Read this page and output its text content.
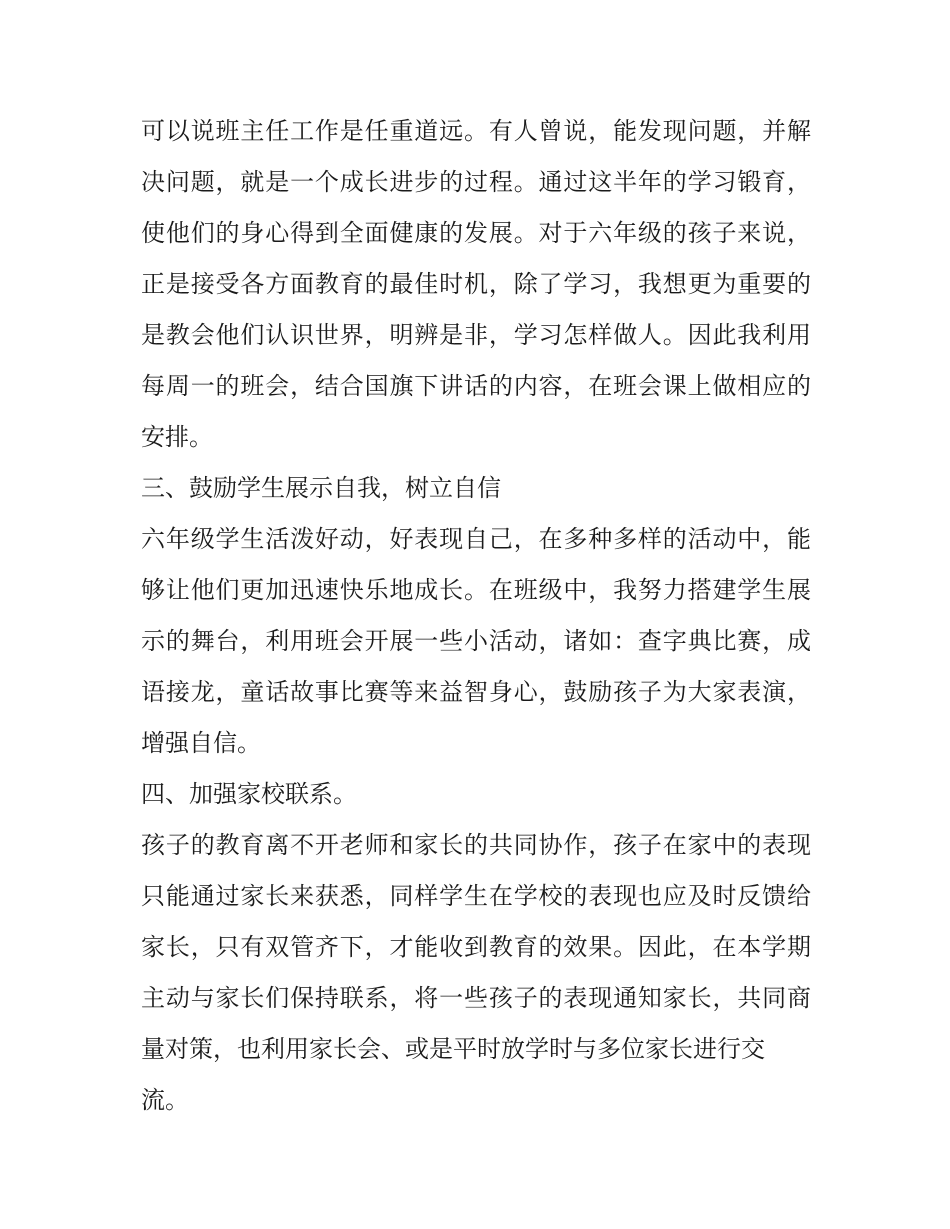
可以说班主任工作是任重道远。有人曾说，能发现问题，并解
决问题，就是一个成长进步的过程。通过这半年的学习锻育，
使他们的身心得到全面健康的发展。对于六年级的孩子来说，
正是接受各方面教育的最佳时机，除了学习，我想更为重要的
是教会他们认识世界，明辨是非，学习怎样做人。因此我利用
每周一的班会，结合国旗下讲话的内容，在班会课上做相应的
安排。
三、鼓励学生展示自我，树立自信
六年级学生活泼好动，好表现自己，在多种多样的活动中，能
够让他们更加迅速快乐地成长。在班级中，我努力搭建学生展
示的舞台，利用班会开展一些小活动，诸如：查字典比赛，成
语接龙，童话故事比赛等来益智身心，鼓励孩子为大家表演，
增强自信。
四、加强家校联系。
孩子的教育离不开老师和家长的共同协作，孩子在家中的表现
只能通过家长来获悉，同样学生在学校的表现也应及时反馈给
家长，只有双管齐下，才能收到教育的效果。因此，在本学期
主动与家长们保持联系，将一些孩子的表现通知家长，共同商
量对策，也利用家长会、或是平时放学时与多位家长进行交
流。
